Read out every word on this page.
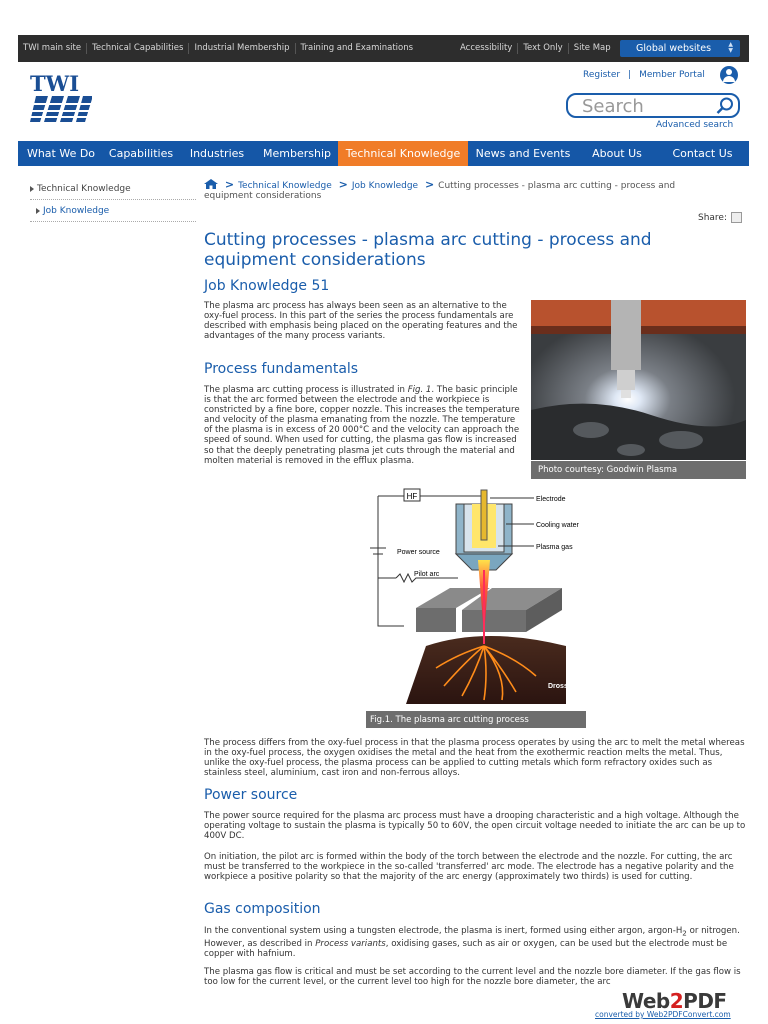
TWI main site	Technical Capabilities	Industrial Membership	Training and Examinations	Accessibility	Text Only	Site Map	Global websites	▲
▼
TWI	Register | Member Portal
Search
Advanced search
What We Do	Capabilities	Industries	Membership	Technical Knowledge	News and Events	About Us	Contact Us
Technical Knowledge
Job Knowledge
> Technical Knowledge > Job Knowledge > Cutting processes - plasma arc cutting - process and equipment considerations
Share:
Cutting processes - plasma arc cutting - process and equipment considerations
Job Knowledge 51
The plasma arc process has always been seen as an alternative to the oxy-fuel process. In this part of the series the process fundamentals are described with emphasis being placed on the operating features and the advantages of the many process variants.
Process fundamentals
The plasma arc cutting process is illustrated in Fig. 1. The basic principle is that the arc formed between the electrode and the workpiece is constricted by a fine bore, copper nozzle. This increases the temperature and velocity of the plasma emanating from the nozzle. The temperature of the plasma is in excess of 20 000°C and the velocity can approach the speed of sound. When used for cutting, the plasma gas flow is increased so that the deeply penetrating plasma jet cuts through the material and molten material is removed in the efflux plasma.
Photo courtesy: Goodwin Plasma
HF
Power source
Pilot arc
Dross
Electrode
Cooling water
Plasma gas
Fig.1. The plasma arc cutting process
The process differs from the oxy-fuel process in that the plasma process operates by using the arc to melt the metal whereas in the oxy-fuel process, the oxygen oxidises the metal and the heat from the exothermic reaction melts the metal. Thus, unlike the oxy-fuel process, the plasma process can be applied to cutting metals which form refractory oxides such as stainless steel, aluminium, cast iron and non-ferrous alloys.
Power source
The power source required for the plasma arc process must have a drooping characteristic and a high voltage. Although the operating voltage to sustain the plasma is typically 50 to 60V, the open circuit voltage needed to initiate the arc can be up to 400V DC.
On initiation, the pilot arc is formed within the body of the torch between the electrode and the nozzle. For cutting, the arc must be transferred to the workpiece in the so-called 'transferred' arc mode. The electrode has a negative polarity and the workpiece a positive polarity so that the majority of the arc energy (approximately two thirds) is used for cutting.
Gas composition
In the conventional system using a tungsten electrode, the plasma is inert, formed using either argon, argon-$H_2$ or nitrogen. However, as described in Process variants, oxidising gases, such as air or oxygen, can be used but the electrode must be copper with hafnium.
The plasma gas flow is critical and must be set according to the current level and the nozzle bore diameter. If the gas flow is too low for the current level, or the current level too high for the nozzle bore diameter, the arc
Web2PDF
converted by Web2PDFConvert.com
